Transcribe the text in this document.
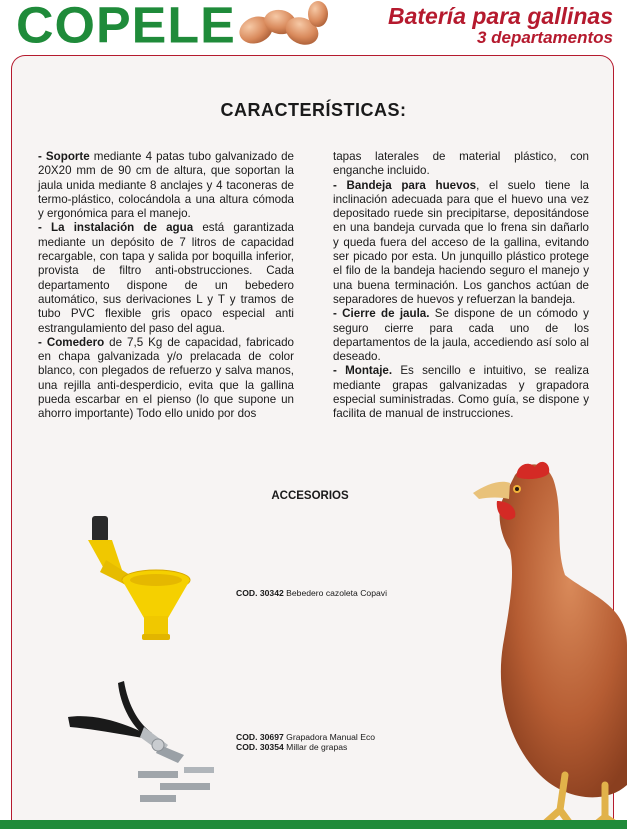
COPELE	Batería para gallinas
3 departamentos
CARACTERÍSTICAS:

- Soporte mediante 4 patas tubo galvanizado de 20X20 mm de 90 cm de altura, que soportan la jaula unida mediante 8 anclajes y 4 taconeras de termo-plástico, colocándola a una altura cómoda y ergonómica para el manejo.

- La instalación de agua está garantizada mediante un depósito de 7 litros de capacidad recargable, con tapa y salida por boquilla inferior, provista de filtro anti-obstrucciones. Cada departamento dispone de un bebedero automático, sus derivaciones L y T y tramos de tubo PVC flexible gris opaco especial anti estrangulamiento del paso del agua.

- Comedero de 7,5 Kg de capacidad, fabricado en chapa galvanizada y/o prelacada de color blanco, con plegados de refuerzo y salva manos, una rejilla anti-desperdicio, evita que la gallina pueda escarbar en el pienso (lo que supone un ahorro importante) Todo ello unido por dos

tapas laterales de material plástico, con enganche incluido.

- Bandeja para huevos, el suelo tiene la inclinación adecuada para que el huevo una vez depositado ruede sin precipitarse, depositándose en una bandeja curvada que lo frena sin dañarlo y queda fuera del acceso de la gallina, evitando ser picado por esta. Un junquillo plástico protege el filo de la bandeja haciendo seguro el manejo y una buena terminación. Los ganchos actúan de separadores de huevos y refuerzan la bandeja.

- Cierre de jaula. Se dispone de un cómodo y seguro cierre para cada uno de los departamentos de la jaula, accediendo así solo al deseado.

- Montaje. Es sencillo e intuitivo, se realiza mediante grapas galvanizadas y grapadora especial suministradas. Como guía, se dispone y facilita de manual de instrucciones.

ACCESORIOS
COD. 30342 Bebedero cazoleta Copavi
COD. 30697 Grapadora Manual Eco
COD. 30354 Millar de grapas
